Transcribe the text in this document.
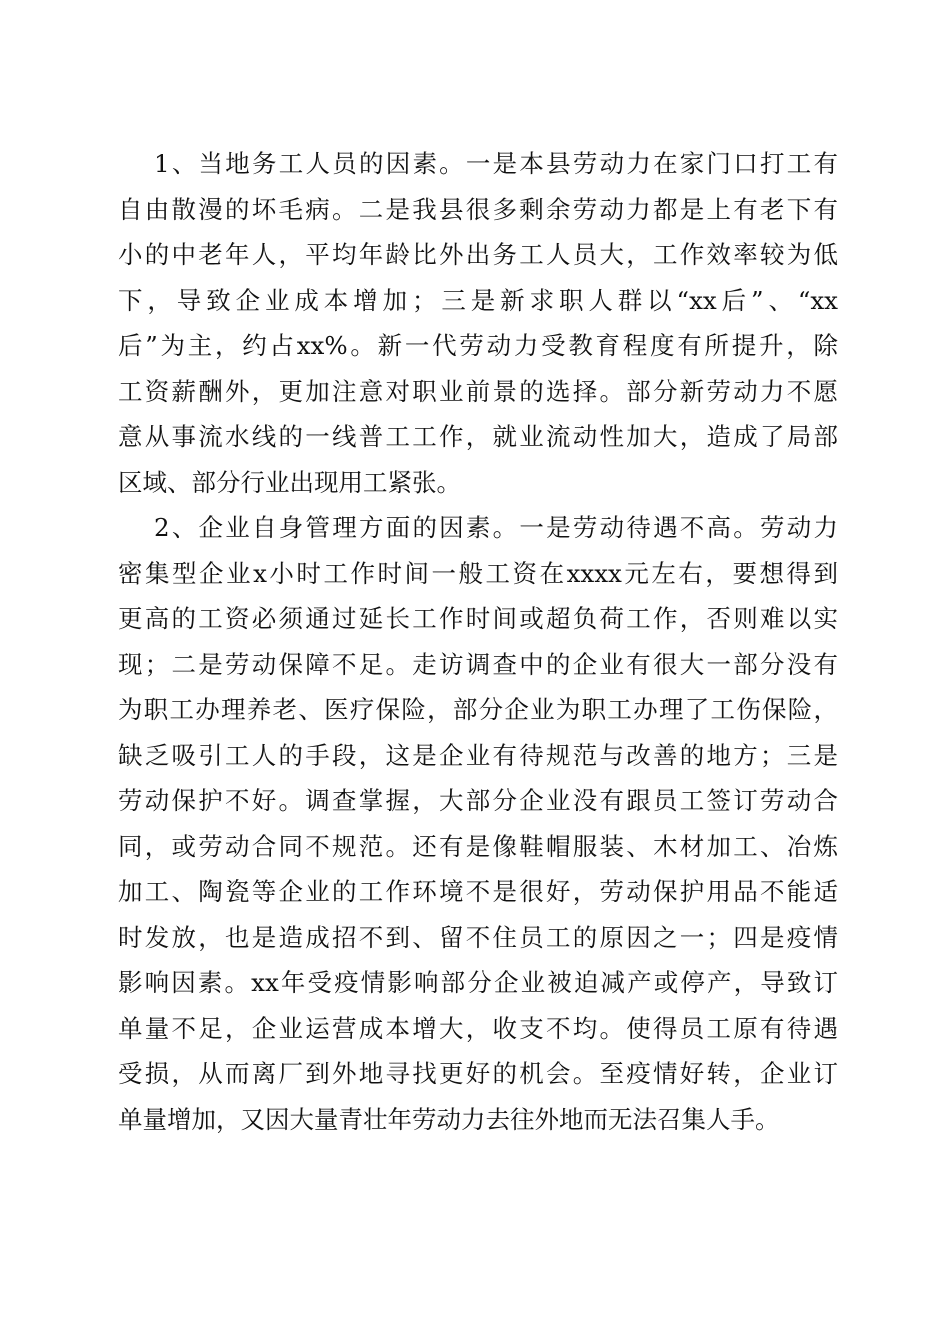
1、当地务工人员的因素。一是本县劳动力在家门口打工有
自由散漫的坏毛病。二是我县很多剩余劳动力都是上有老下有
小的中老年人，平均年龄比外出务工人员大，工作效率较为低
下，导致企业成本增加；三是新求职人群以“xx后”、“xx
后”为主，约占xx%。新一代劳动力受教育程度有所提升，除
工资薪酬外，更加注意对职业前景的选择。部分新劳动力不愿
意从事流水线的一线普工工作，就业流动性加大，造成了局部
区域、部分行业出现用工紧张。
2、企业自身管理方面的因素。一是劳动待遇不高。劳动力
密集型企业x小时工作时间一般工资在xxxx元左右，要想得到
更高的工资必须通过延长工作时间或超负荷工作，否则难以实
现；二是劳动保障不足。走访调查中的企业有很大一部分没有
为职工办理养老、医疗保险，部分企业为职工办理了工伤保险，
缺乏吸引工人的手段，这是企业有待规范与改善的地方；三是
劳动保护不好。调查掌握，大部分企业没有跟员工签订劳动合
同，或劳动合同不规范。还有是像鞋帽服装、木材加工、冶炼
加工、陶瓷等企业的工作环境不是很好，劳动保护用品不能适
时发放，也是造成招不到、留不住员工的原因之一；四是疫情
影响因素。xx年受疫情影响部分企业被迫减产或停产，导致订
单量不足，企业运营成本增大，收支不均。使得员工原有待遇
受损，从而离厂到外地寻找更好的机会。至疫情好转，企业订
单量增加，又因大量青壮年劳动力去往外地而无法召集人手。
